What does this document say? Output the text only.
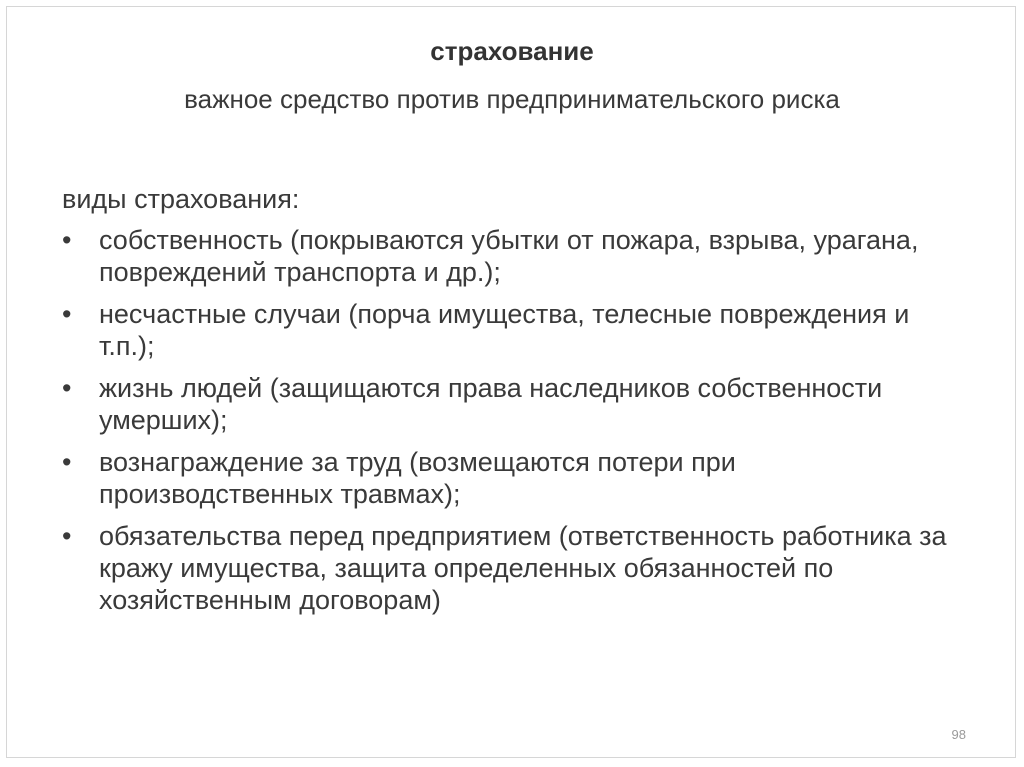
страхование

важное средство против предпринимательского риска

виды страхования:

• собственность (покрываются убытки от пожара, взрыва, урагана, повреждений транспорта и др.);
• несчастные случаи (порча имущества, телесные повреждения и т.п.);
• жизнь людей (защищаются права наследников собственности умерших);
• вознаграждение за труд (возмещаются потери при производственных травмах);
• обязательства перед предприятием (ответственность работника за кражу имущества, защита определенных обязанностей по хозяйственным договорам)
98
